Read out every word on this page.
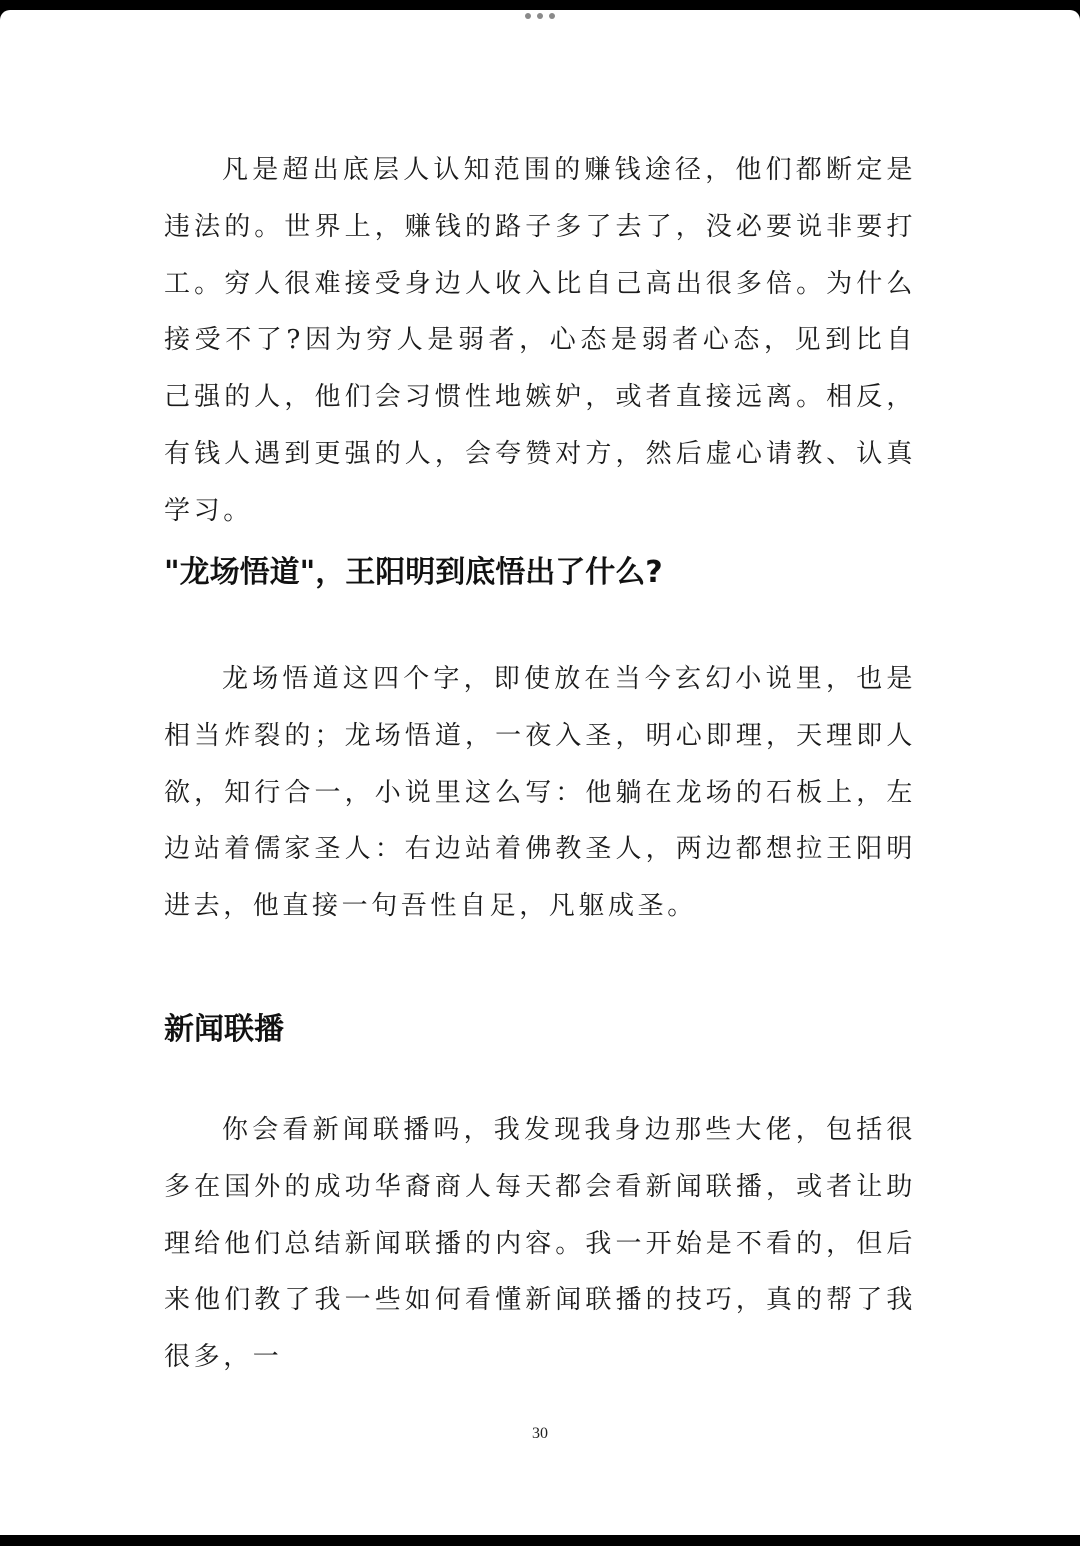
凡是超出底层人认知范围的赚钱途径，他们都断定是违法的。世界上，赚钱的路子多了去了，没必要说非要打工。穷人很难接受身边人收入比自己高出很多倍。为什么接受不了?因为穷人是弱者，心态是弱者心态，见到比自己强的人，他们会习惯性地嫉妒，或者直接远离。相反，有钱人遇到更强的人，会夸赞对方，然后虚心请教、认真学习。

"龙场悟道"，王阳明到底悟出了什么?

龙场悟道这四个字，即使放在当今玄幻小说里，也是相当炸裂的；龙场悟道，一夜入圣，明心即理，天理即人欲，知行合一，小说里这么写：他躺在龙场的石板上，左边站着儒家圣人：右边站着佛教圣人，两边都想拉王阳明进去，他直接一句吾性自足，凡躯成圣。

新闻联播

你会看新闻联播吗，我发现我身边那些大佬，包括很多在国外的成功华裔商人每天都会看新闻联播，或者让助理给他们总结新闻联播的内容。我一开始是不看的，但后来他们教了我一些如何看懂新闻联播的技巧，真的帮了我很多，一

30
